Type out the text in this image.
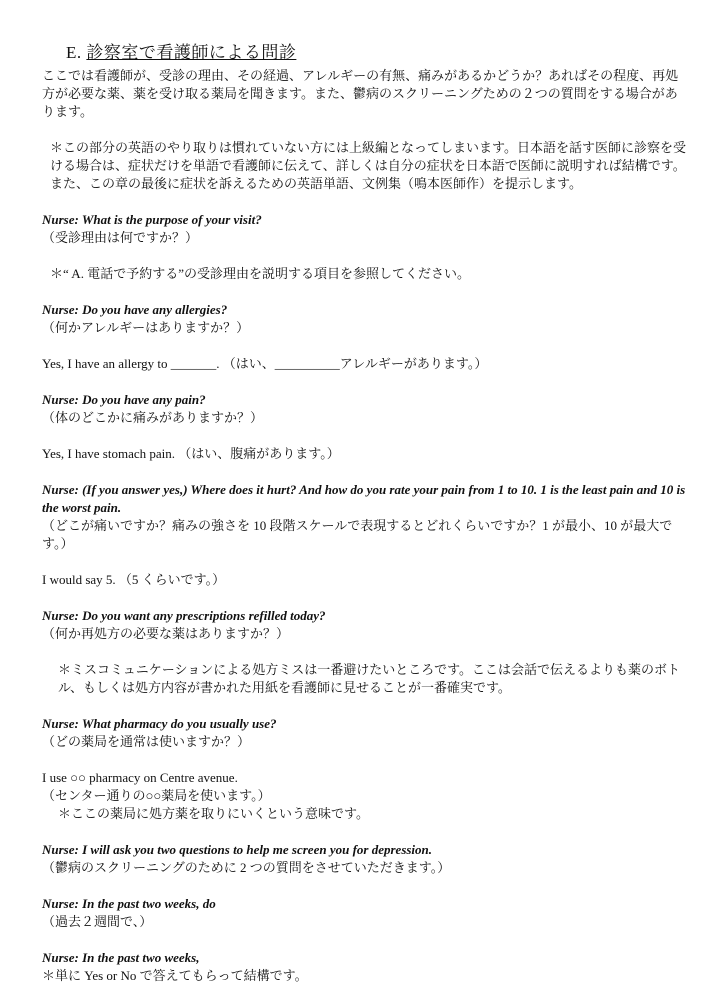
E. 診察室で看護師による問診

ここでは看護師が、受診の理由、その経過、アレルギーの有無、痛みがあるかどうか？あればその程度、再処方が必要な薬、薬を受け取る薬局を聞きます。また、鬱病のスクリーニングための２つの質問をする場合があります。

＊この部分の英語のやり取りは慣れていない方には上級編となってしまいます。日本語を話す医師に診察を受ける場合は、症状だけを単語で看護師に伝えて、詳しくは自分の症状を日本語で医師に説明すれば結構です。また、この章の最後に症状を訴えるための英語単語、文例集（鳴本医師作）を提示します。

Nurse: What is the purpose of your visit?

（受診理由は何ですか？）

＊“ A. 電話で予約する”の受診理由を説明する項目を参照してください。

Nurse: Do you have any allergies?

（何かアレルギーはありますか？）

Yes, I have an allergy to _______. （はい、__________アレルギーがあります。）

Nurse: Do you have any pain?

（体のどこかに痛みがありますか？）

Yes, I have stomach pain. （はい、腹痛があります。）

Nurse: (If you answer yes,) Where does it hurt? And how do you rate your pain from 1 to 10. 1 is the least pain and 10 is the worst pain.

（どこが痛いですか？痛みの強さを 10 段階スケールで表現するとどれくらいですか？1 が最小、10 が最大です。）

I would say 5. （5 くらいです。）

Nurse: Do you want any prescriptions refilled today?

（何か再処方の必要な薬はありますか？）

＊ミスコミュニケーションによる処方ミスは一番避けたいところです。ここは会話で伝えるよりも薬のボトル、もしくは処方内容が書かれた用紙を看護師に見せることが一番確実です。

Nurse: What pharmacy do you usually use?

（どの薬局を通常は使いますか？）

I use ○○ pharmacy on Centre avenue.

（センター通りの○○薬局を使います。）

＊ここの薬局に処方薬を取りにいくという意味です。

Nurse: I will ask you two questions to help me screen you for depression.

（鬱病のスクリーニングのために 2 つの質問をさせていただきます。）

Nurse: In the past two weeks, do

（過去２週間で、）

Nurse: In the past two weeks,

＊単に Yes or No で答えてもらって結構です。
